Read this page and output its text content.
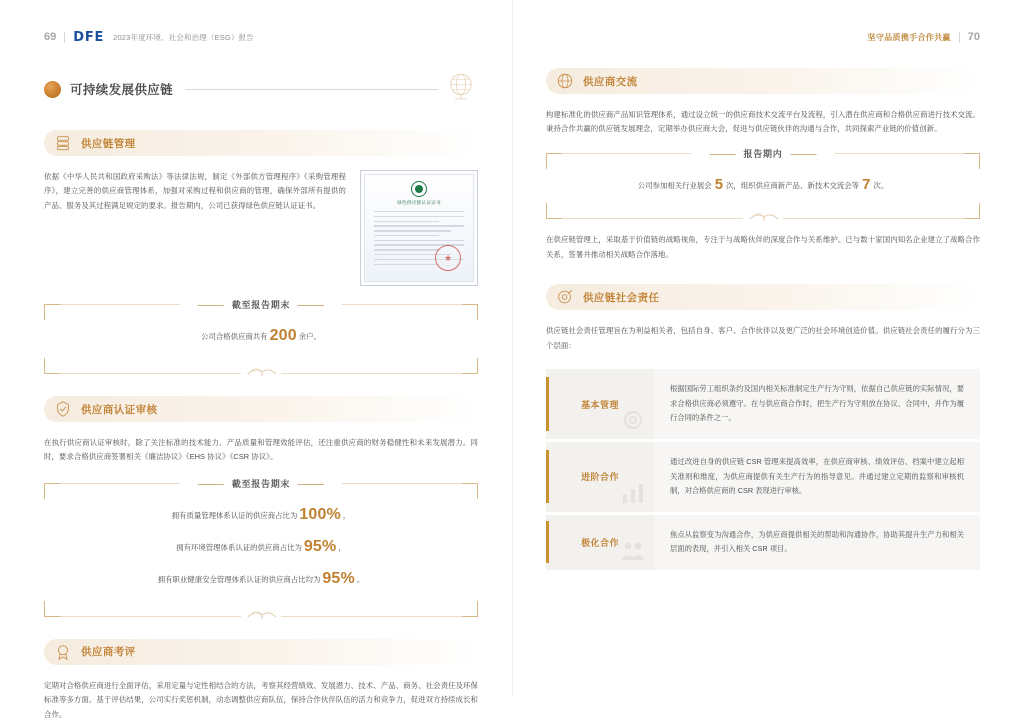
69 DFE 2023年度环境、社会和治理（ESG）报告
可持续发展供应链
供应链管理

依据《中华人民共和国政府采购法》等法律法规，制定《外部供方管理程序》《采购管理程序》，建立完善的供应商管理体系，加强对采购过程和供应商的管理，确保外部所有提供的产品、服务及其过程满足规定的要求。报告期内，公司已获得绿色供应链认证证书。	绿色供应链认证证书
★
截至报告期末
公司合格供应商共有 200 余户。
供应商认证审核

在执行供应商认证审核时，除了关注标准的技术能力、产品质量和管理效能评估，还注重供应商的财务稳健性和未来发展潜力。同时，要求合格供应商签署相关《廉洁协议》《EHS 协议》《CSR 协议》。

截至报告期末
拥有质量管理体系认证的供应商占比为 100% ，
拥有环境管理体系认证的供应商占比为 95% ，
拥有职业健康安全管理体系认证的供应商占比均为 95% 。
供应商考评

定期对合格供应商进行全面评估，采用定量与定性相结合的方法，考察其经营绩效、发展潜力、技术、产品、商务、社会责任及环保标准等多方面。基于评估结果，公司实行奖惩机制，动态调整供应商队伍，保持合作伙伴队伍的活力和竞争力，促进双方持续成长和合作。

坚守品质 携手合作共赢 70
供应商交流

构建标准化的供应商产品知识管理体系，通过设立统一的供应商技术交流平台及流程，引入潜在供应商和合格供应商进行技术交流。秉持合作共赢的供应链发展理念，定期举办供应商大会，促进与供应链伙伴的沟通与合作，共同探索产业链的价值创新。

报告期内
公司参加相关行业展会 5 次，组织供应商新产品、新技术交流会等 7 次。

在供应链管理上，采取基于价值链的战略视角，专注于与战略伙伴的深度合作与关系维护。已与数十家国内知名企业建立了战略合作关系，签署并推动相关战略合作落地。

供应链社会责任

供应链社会责任管理旨在为利益相关者，包括自身、客户、合作伙伴以及更广泛的社会环境创造价值。供应链社会责任的履行分为三个层面：

基本管理
根据国际劳工组织条约及国内相关标准制定生产行为守则，依据自己供应链的实际情况，要求合格供应商必须遵守。在与供应商合作时，把生产行为守则放在协议、合同中，并作为履行合同的条件之一。
进阶合作
通过改进自身的供应链 CSR 管理来提高效率，在供应商审核、绩效评估、档案中建立起相关准则和维度，为供应商提供有关生产行为的指导意见。并通过建立定期的监察和审核机制，对合格供应商的 CSR 表现进行审核。
极化合作
焦点从监察变为沟通合作，为供应商提供相关的帮助和沟通协作，协助其提升生产力和相关层面的表现，并引入相关 CSR 项目。
